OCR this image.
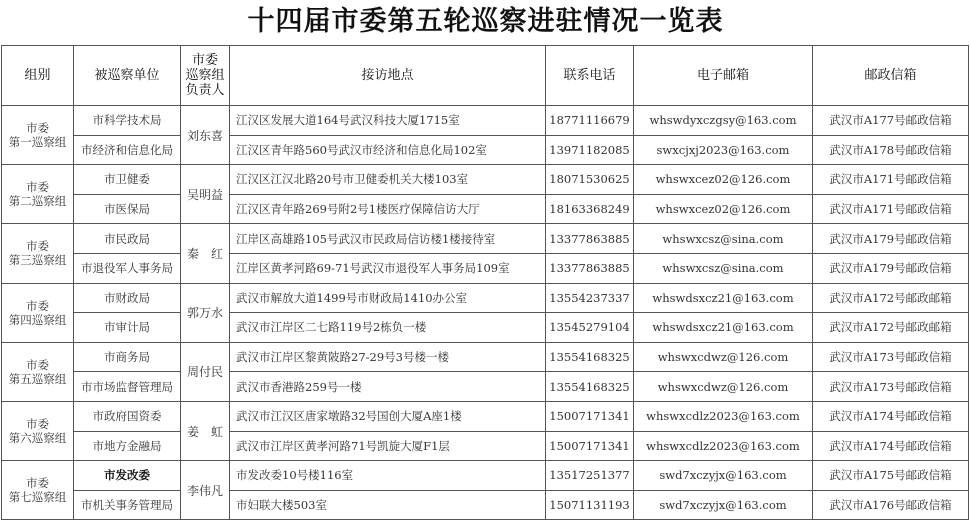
十四届市委第五轮巡察进驻情况一览表
组别	被巡察单位	市委
巡察组
负责人	接访地点	联系电话	电子邮箱	邮政信箱

市委
第一巡察组	市科学技术局	刘东喜	江汉区发展大道164号武汉科技大厦1715室	18771116679	whswdyxczgsy@163.com	武汉市A177号邮政信箱
	市经济和信息化局		江汉区青年路560号武汉市经济和信息化局102室	13971182085	swxcjxj2023@163.com	武汉市A178号邮政信箱

市委
第二巡察组	市卫健委	吴明益	江汉区江汉北路20号市卫健委机关大楼103室	18071530625	whswxcez02@126.com	武汉市A171号邮政信箱
	市医保局		江汉区青年路269号附2号1楼医疗保障信访大厅	18163368249	whswxcez02@126.com	武汉市A171号邮政信箱

市委
第三巡察组	市民政局	秦　红	江岸区高雄路105号武汉市民政局信访楼1楼接待室	13377863885	whswxcsz@sina.com	武汉市A179号邮政信箱
	市退役军人事务局		江岸区黄孝河路69-71号武汉市退役军人事务局109室	13377863885	whswxcsz@sina.com	武汉市A179号邮政信箱

市委
第四巡察组	市财政局	郭万水	武汉市解放大道1499号市财政局1410办公室	13554237337	whswdsxcz21@163.com	武汉市A172号邮政邮箱
	市审计局		武汉市江岸区二七路119号2栋负一楼	13545279104	whswdsxcz21@163.com	武汉市A172号邮政邮箱

市委
第五巡察组	市商务局	周付民	武汉市江岸区黎黄陂路27-29号3号楼一楼	13554168325	whswxcdwz@126.com	武汉市A173号邮政信箱
	市市场监督管理局		武汉市香港路259号一楼	13554168325	whswxcdwz@126.com	武汉市A173号邮政信箱

市委
第六巡察组	市政府国资委	姜　虹	武汉市江汉区唐家墩路32号国创大厦A座1楼	15007171341	whswxcdlz2023@163.com	武汉市A174号邮政信箱
	市地方金融局		武汉市江岸区黄孝河路71号凯旋大厦F1层	15007171341	whswxcdlz2023@163.com	武汉市A174号邮政信箱

市委
第七巡察组	市发改委	李伟凡	市发改委10号楼116室	13517251377	swd7xczyjx@163.com	武汉市A175号邮政信箱
	市机关事务管理局		市妇联大楼503室	15071131193	swd7xczyjx@163.com	武汉市A176号邮政信箱
